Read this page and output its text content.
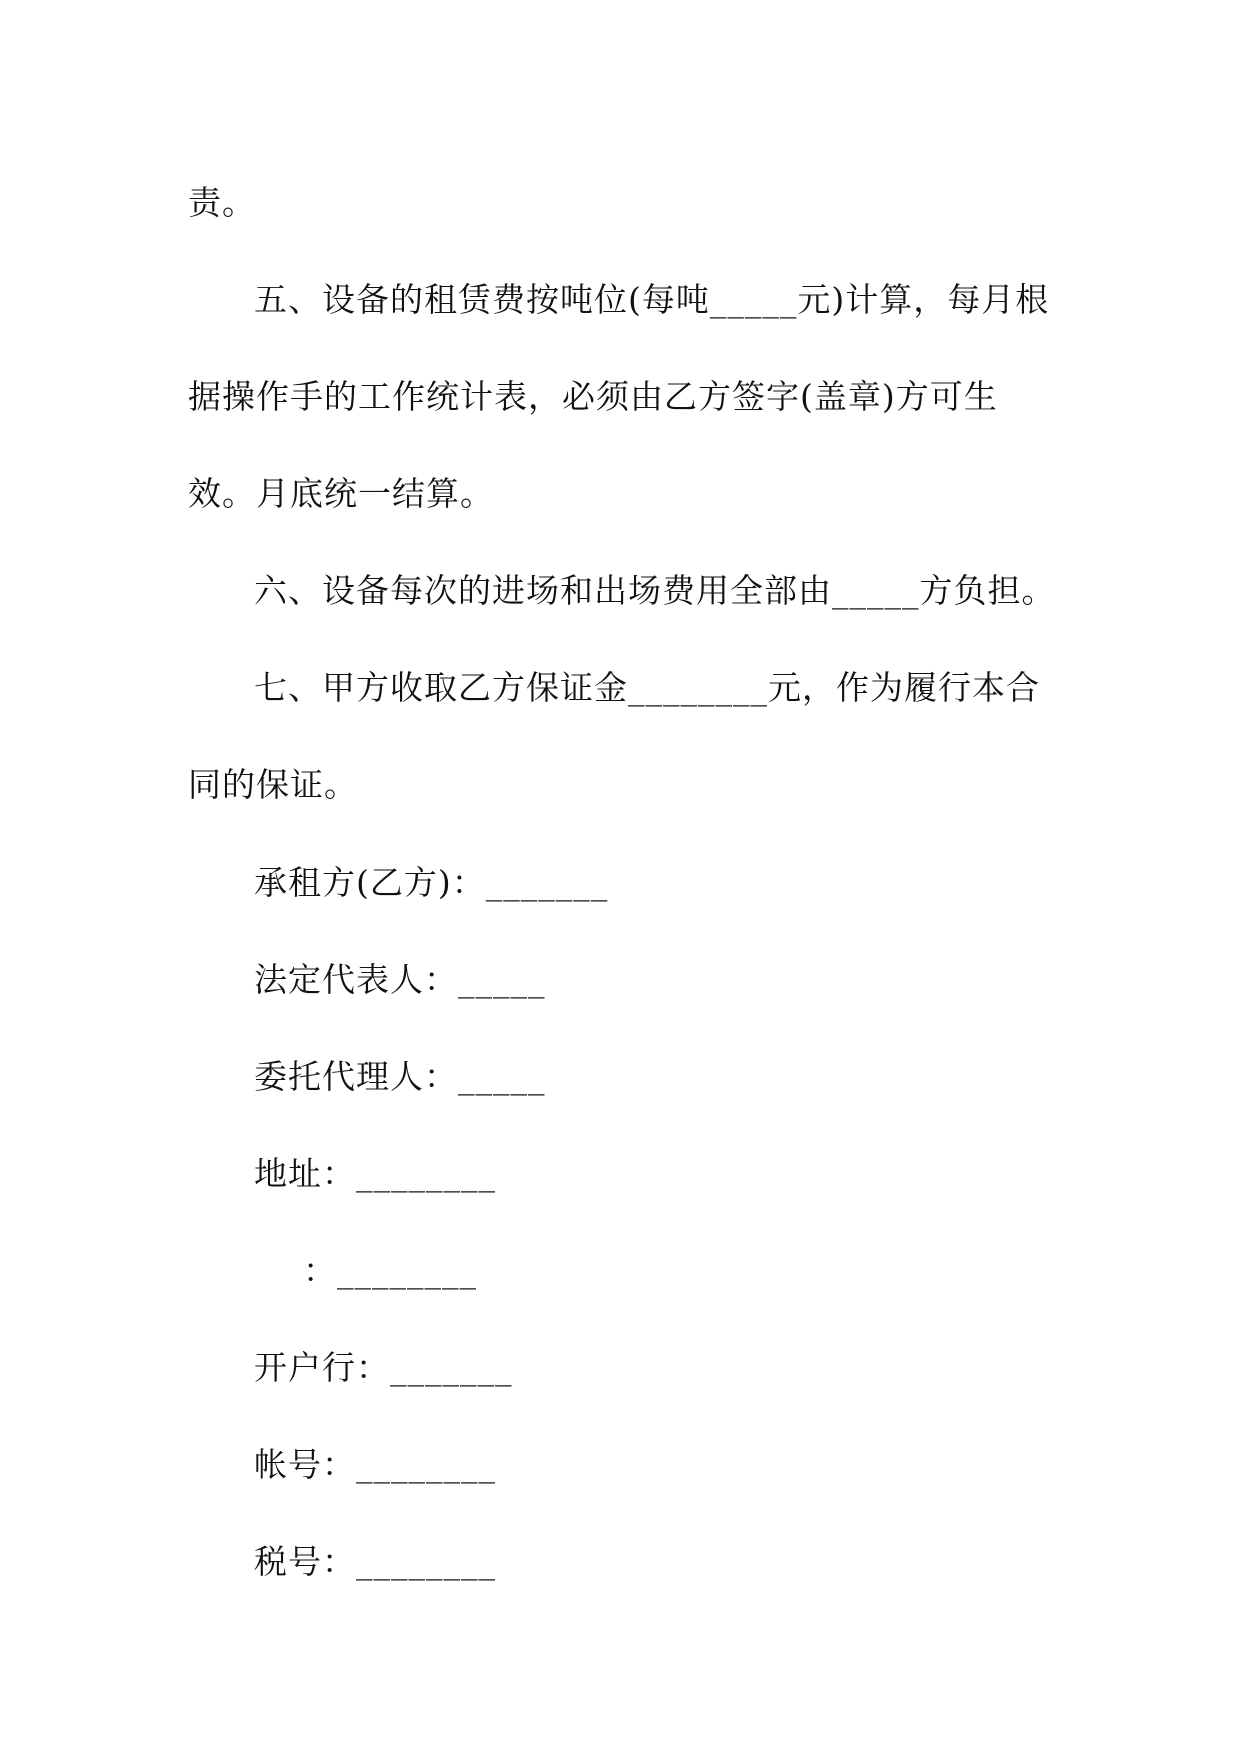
责。
五、设备的租赁费按吨位(每吨_____元)计算，每月根
据操作手的工作统计表，必须由乙方签字(盖章)方可生
效。月底统一结算。
六、设备每次的进场和出场费用全部由_____方负担。
七、甲方收取乙方保证金________元，作为履行本合
同的保证。
承租方(乙方)：_______
法定代表人：_____
委托代理人：_____
地址：________
：________
开户行：_______
帐号：________
税号：________
